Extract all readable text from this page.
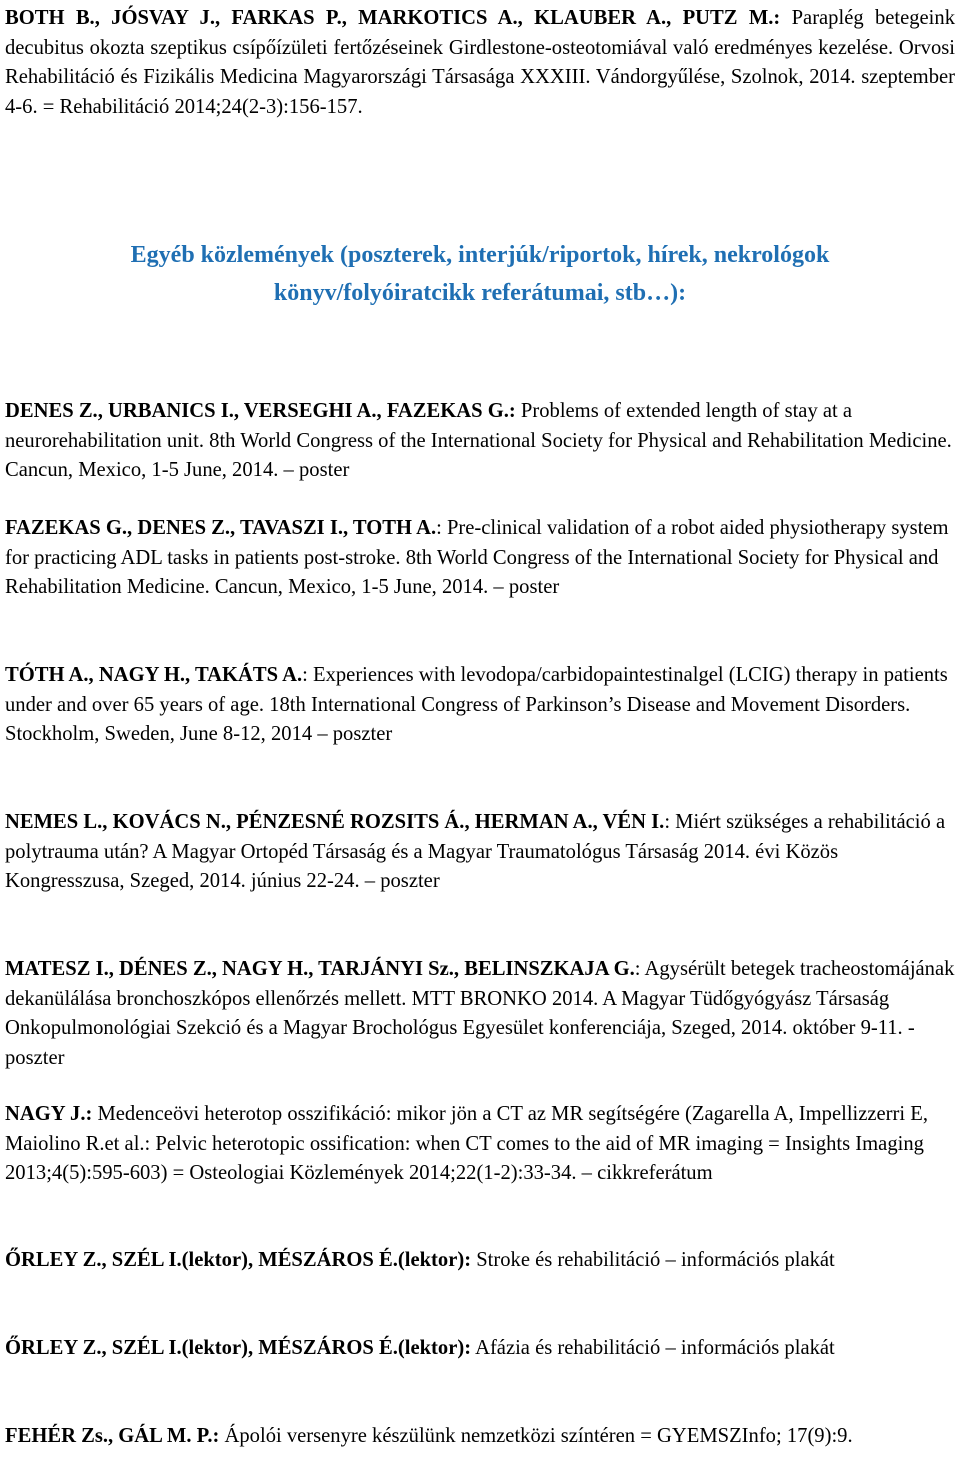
BOTH B., JÓSVAY J., FARKAS P., MARKOTICS A., KLAUBER A., PUTZ M.: Paraplég betegeink decubitus okozta szeptikus csípőízületi fertőzéseinek Girdlestone-osteotomiával való eredményes kezelése. Orvosi Rehabilitáció és Fizikális Medicina Magyarországi Társasága XXXIII. Vándorgyűlése, Szolnok, 2014. szeptember 4-6. = Rehabilitáció 2014;24(2-3):156-157.
Egyéb közlemények (poszterek, interjúk/riportok, hírek, nekrológok
könyv/folyóiratcikk referátumai, stb…):
DENES Z., URBANICS I., VERSEGHI A., FAZEKAS G.: Problems of extended length of stay at a neurorehabilitation unit. 8th World Congress of the International Society for Physical and Rehabilitation Medicine. Cancun, Mexico, 1-5 June, 2014. – poster
FAZEKAS G., DENES Z., TAVASZI I., TOTH A.: Pre-clinical validation of a robot aided physiotherapy system for practicing ADL tasks in patients post-stroke. 8th World Congress of the International Society for Physical and Rehabilitation Medicine. Cancun, Mexico, 1-5 June, 2014. – poster
TÓTH A., NAGY H., TAKÁTS A.: Experiences with levodopa/carbidopaintestinalgel (LCIG) therapy in patients under and over 65 years of age. 18th International Congress of Parkinson’s Disease and Movement Disorders. Stockholm, Sweden, June 8-12, 2014 – poszter
NEMES L., KOVÁCS N., PÉNZESNÉ ROZSITS Á., HERMAN A., VÉN I.: Miért szükséges a rehabilitáció a polytrauma után? A Magyar Ortopéd Társaság és a Magyar Traumatológus Társaság 2014. évi Közös Kongresszusa, Szeged, 2014. június 22-24. – poszter
MATESZ I., DÉNES Z., NAGY H., TARJÁNYI Sz., BELINSZKAJA G.: Agysérült betegek tracheostomájának dekanülálása bronchoszkópos ellenőrzés mellett. MTT BRONKO 2014. A Magyar Tüdőgyógyász Társaság Onkopulmonológiai Szekció és a Magyar Brochológus Egyesület konferenciája, Szeged, 2014. október 9-11. - poszter
NAGY J.: Medenceövi heterotop osszifikáció: mikor jön a CT az MR segítségére (Zagarella A, Impellizzerri E, Maiolino R.et al.: Pelvic heterotopic ossification: when CT comes to the aid of MR imaging = Insights Imaging 2013;4(5):595-603) = Osteologiai Közlemények 2014;22(1-2):33-34. – cikkreferátum
ŐRLEY Z., SZÉL I.(lektor), MÉSZÁROS É.(lektor): Stroke és rehabilitáció – információs plakát
ŐRLEY Z., SZÉL I.(lektor), MÉSZÁROS É.(lektor): Afázia és rehabilitáció – információs plakát
FEHÉR Zs., GÁL M. P.: Ápolói versenyre készülünk nemzetközi színtéren = GYEMSZInfo; 17(9):9.
